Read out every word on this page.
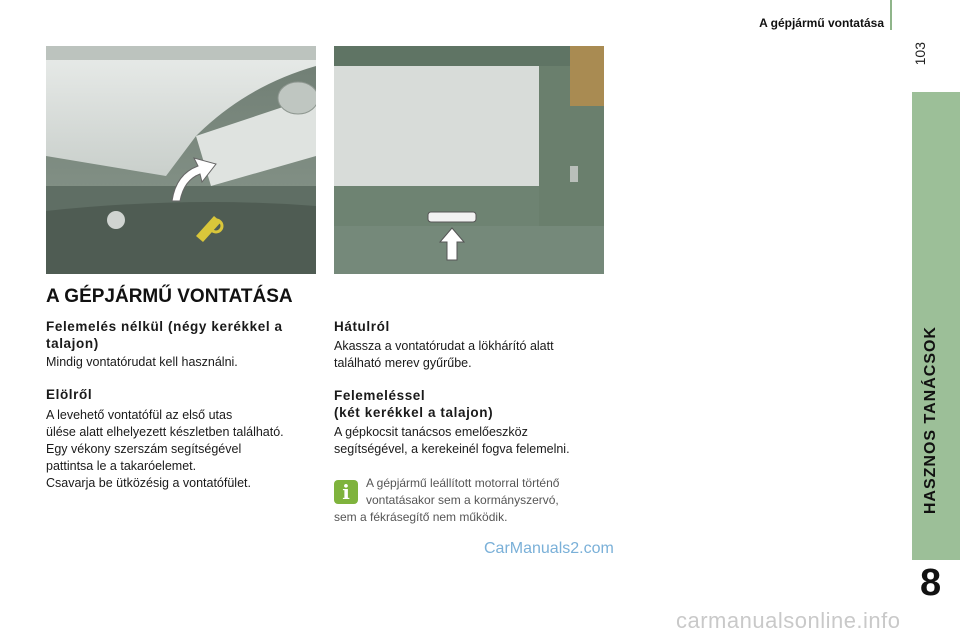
A gépjármű vontatása
103
HASZNOS TANÁCSOK
8
A GÉPJÁRMŰ VONTATÁSA
Felemelés nélkül (négy kerékkel a
talajon)
Mindig vontatórudat kell használni.
Elölről
A levehető vontatófül az első utas
ülése alatt elhelyezett készletben található.
Egy vékony szerszám segítségével
pattintsa le a takaróelemet.
Csavarja be ütközésig a vontatófület.
Hátulról
Akassza a vontatórudat a lökhárító alatt
található merev gyűrűbe.
Felemeléssel
(két kerékkel a talajon)
A gépkocsit tanácsos emelőeszköz
segítségével, a kerekeinél fogva felemelni.
i	A gépjármű leállított motorral történő
vontatásakor sem a kormányszervó,
sem a fékrásegítő nem működik.
CarManuals2.com
carmanualsonline.info
